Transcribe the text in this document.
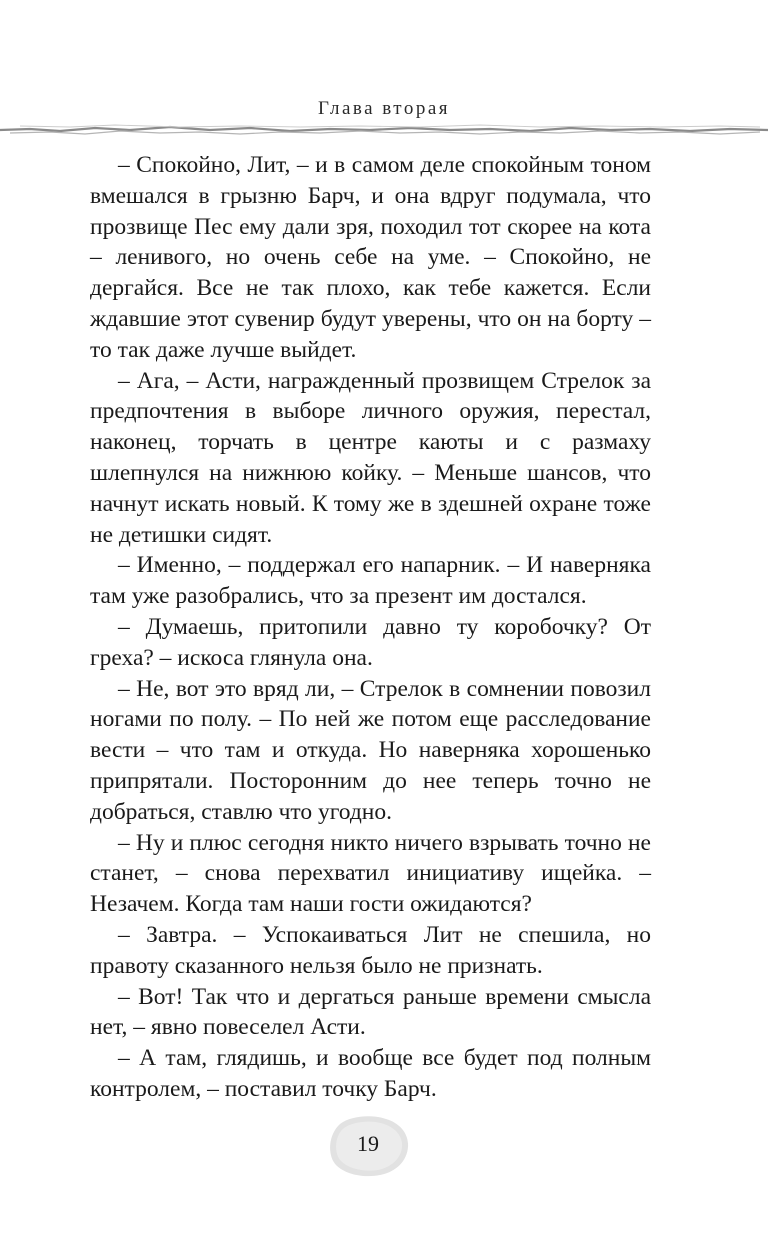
Глава вторая

– Спокойно, Лит, – и в самом деле спокойным тоном вмешался в грызню Барч, и она вдруг подумала, что прозвище Пес ему дали зря, походил тот скорее на кота – ленивого, но очень себе на уме. – Спокойно, не дергайся. Все не так плохо, как тебе кажется. Если ждавшие этот сувенир будут уверены, что он на борту – то так даже лучше выйдет.

– Ага, – Асти, награжденный прозвищем Стрелок за предпочтения в выборе личного оружия, перестал, наконец, торчать в центре каюты и с размаху шлепнулся на нижнюю койку. – Меньше шансов, что начнут искать новый. К тому же в здешней охране тоже не детишки сидят.

– Именно, – поддержал его напарник. – И наверняка там уже разобрались, что за презент им достался.

– Думаешь, притопили давно ту коробочку? От греха? – искоса глянула она.

– Не, вот это вряд ли, – Стрелок в сомнении повозил ногами по полу. – По ней же потом еще расследование вести – что там и откуда. Но наверняка хорошенько припрятали. Посторонним до нее теперь точно не добраться, ставлю что угодно.

– Ну и плюс сегодня никто ничего взрывать точно не станет, – снова перехватил инициативу ищейка. – Незачем. Когда там наши гости ожидаются?

– Завтра. – Успокаиваться Лит не спешила, но правоту сказанного нельзя было не признать.

– Вот! Так что и дергаться раньше времени смысла нет, – явно повеселел Асти.

– А там, глядишь, и вообще все будет под полным контролем, – поставил точку Барч.

19
